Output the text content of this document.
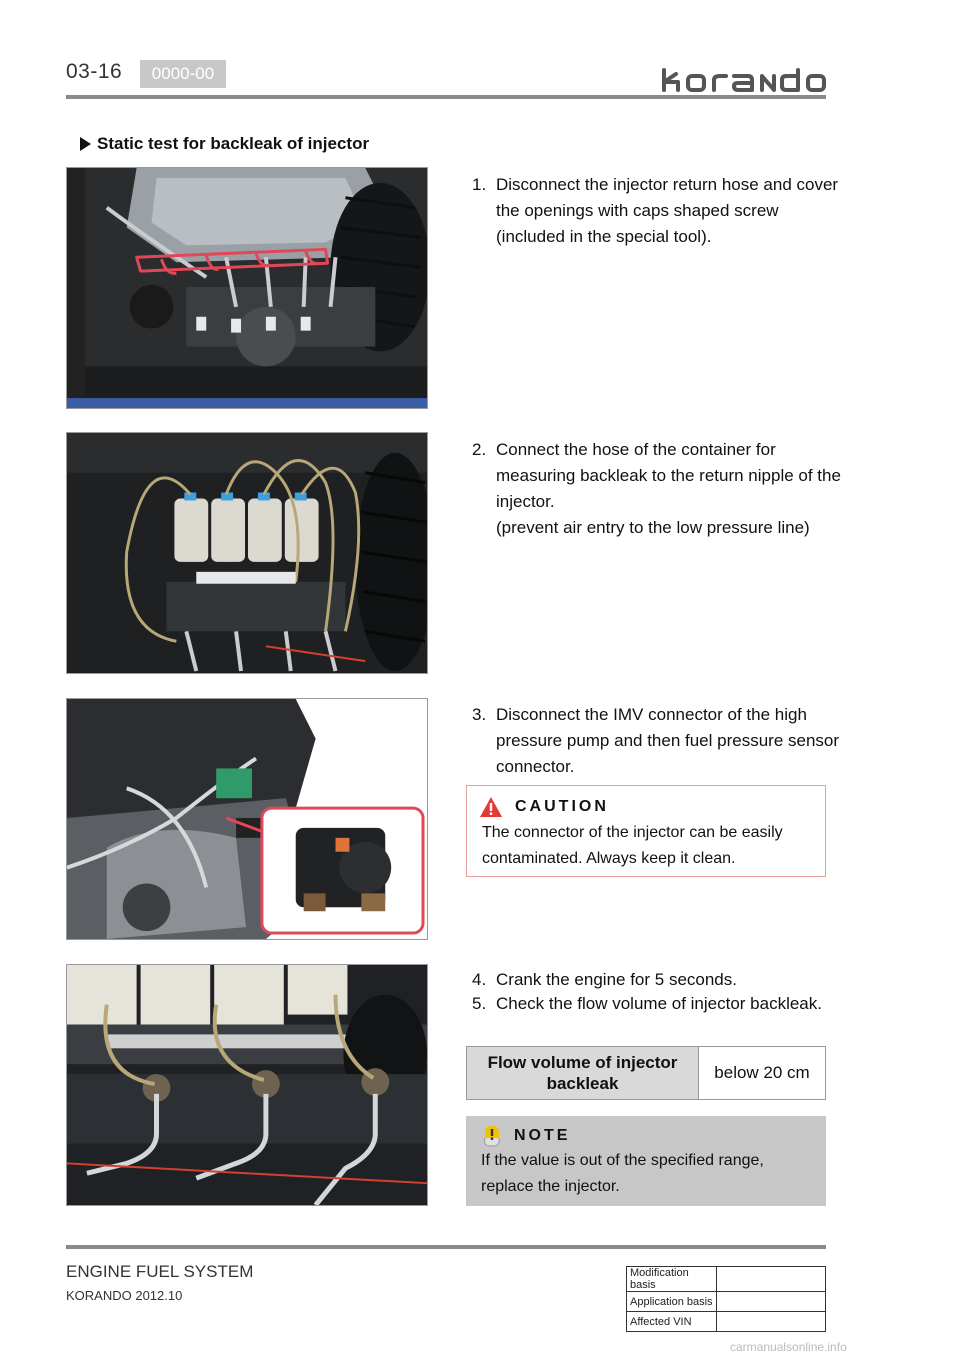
03-16	0000-00
Static test for backleak of injector
1. Disconnect the injector return hose and cover the openings with caps shaped screw (included in the special tool).
2. Connect the hose of the container for measuring backleak to the return nipple of the injector.
(prevent air entry to the low pressure line)
3. Disconnect the IMV connector of the high pressure pump and then fuel pressure sensor connector.
CAUTION
The connector of the injector can be easily contaminated. Always keep it clean.
4. Crank the engine for 5 seconds.
5. Check the flow volume of injector backleak.
Flow volume of injector backleak	below 20 cm
NOTE
If the value is out of the specified range, replace the injector.
ENGINE FUEL SYSTEM
KORANDO 2012.10
Modification basis	
Application basis	
Affected VIN	
carmanualsonline.info
